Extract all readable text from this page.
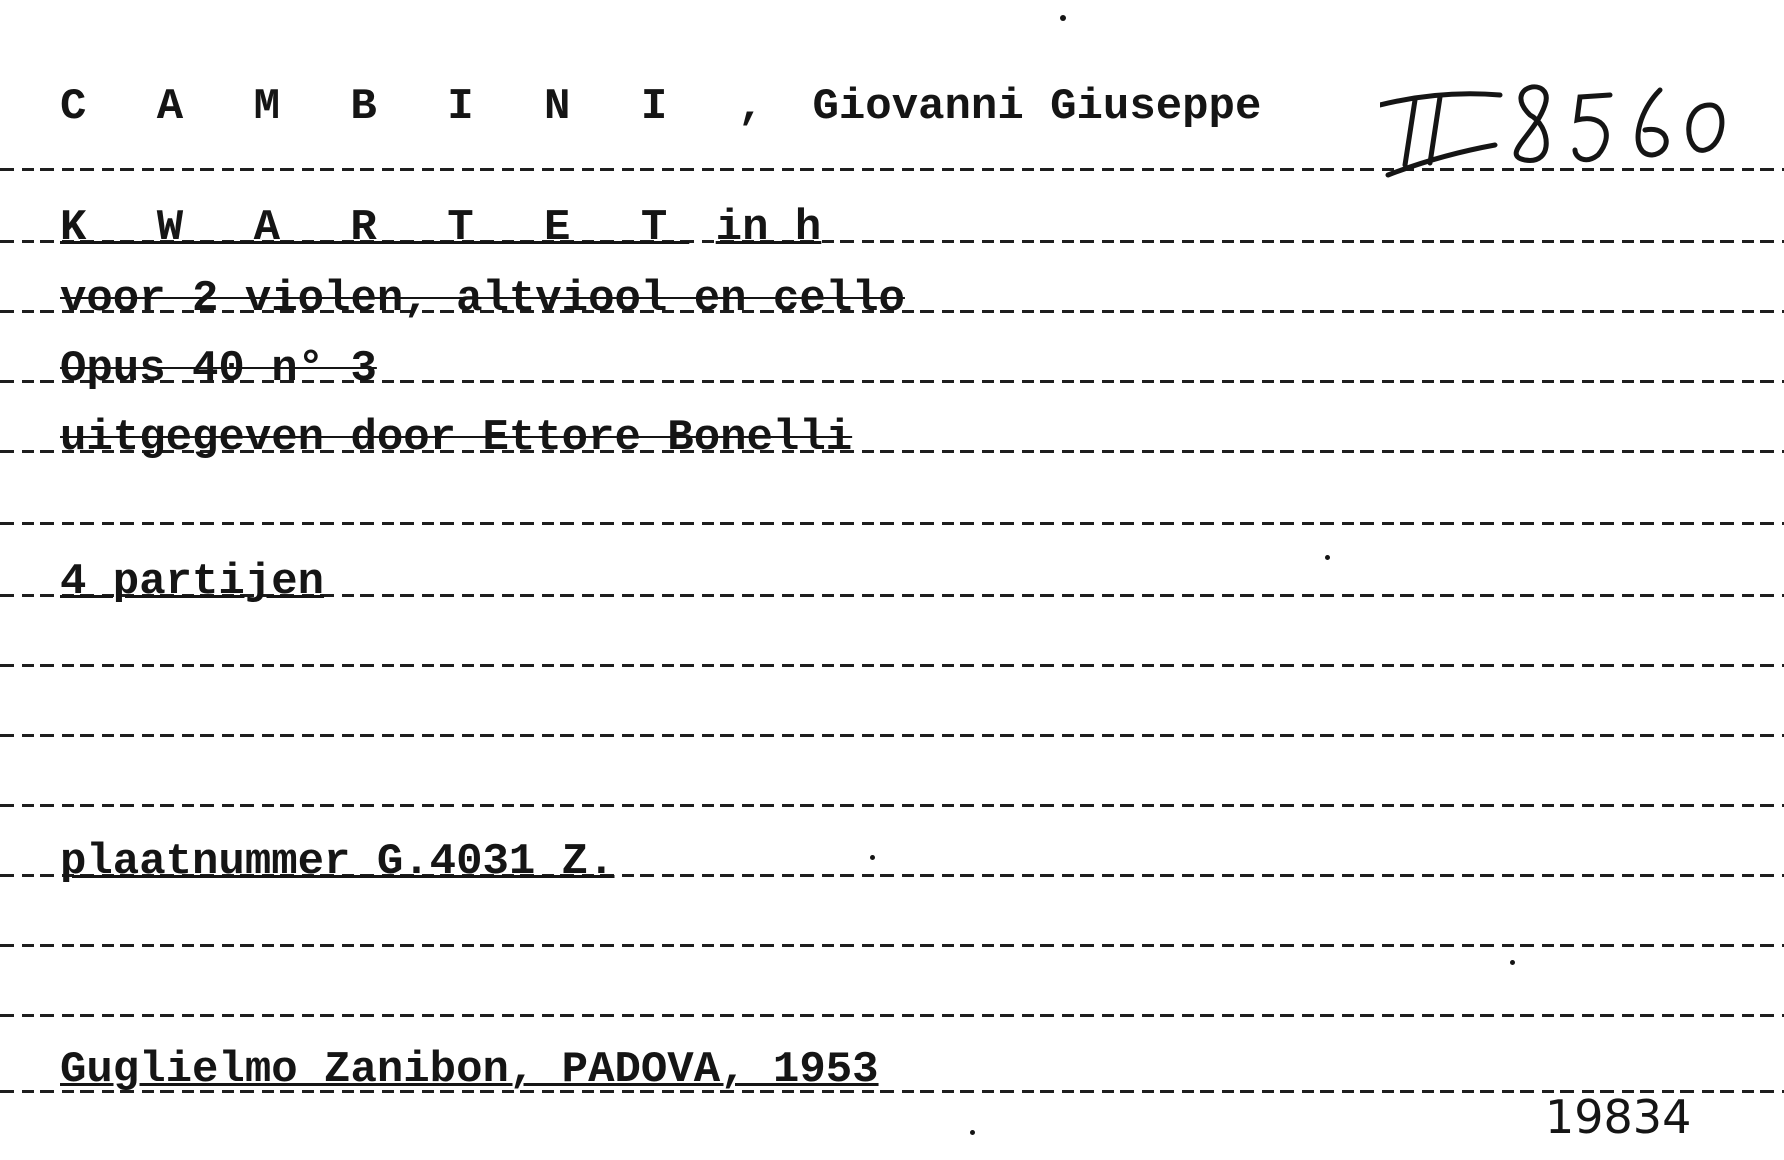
C A M B I N I , Giovanni Giuseppe
II 8560
K W A R T E T in h
voor 2 violen, altviool en cello
Opus 40 n° 3
uitgegeven door Ettore Bonelli
4 partijen
plaatnummer G.4031 Z.
Guglielmo Zanibon, PADOVA, 1953
19834
